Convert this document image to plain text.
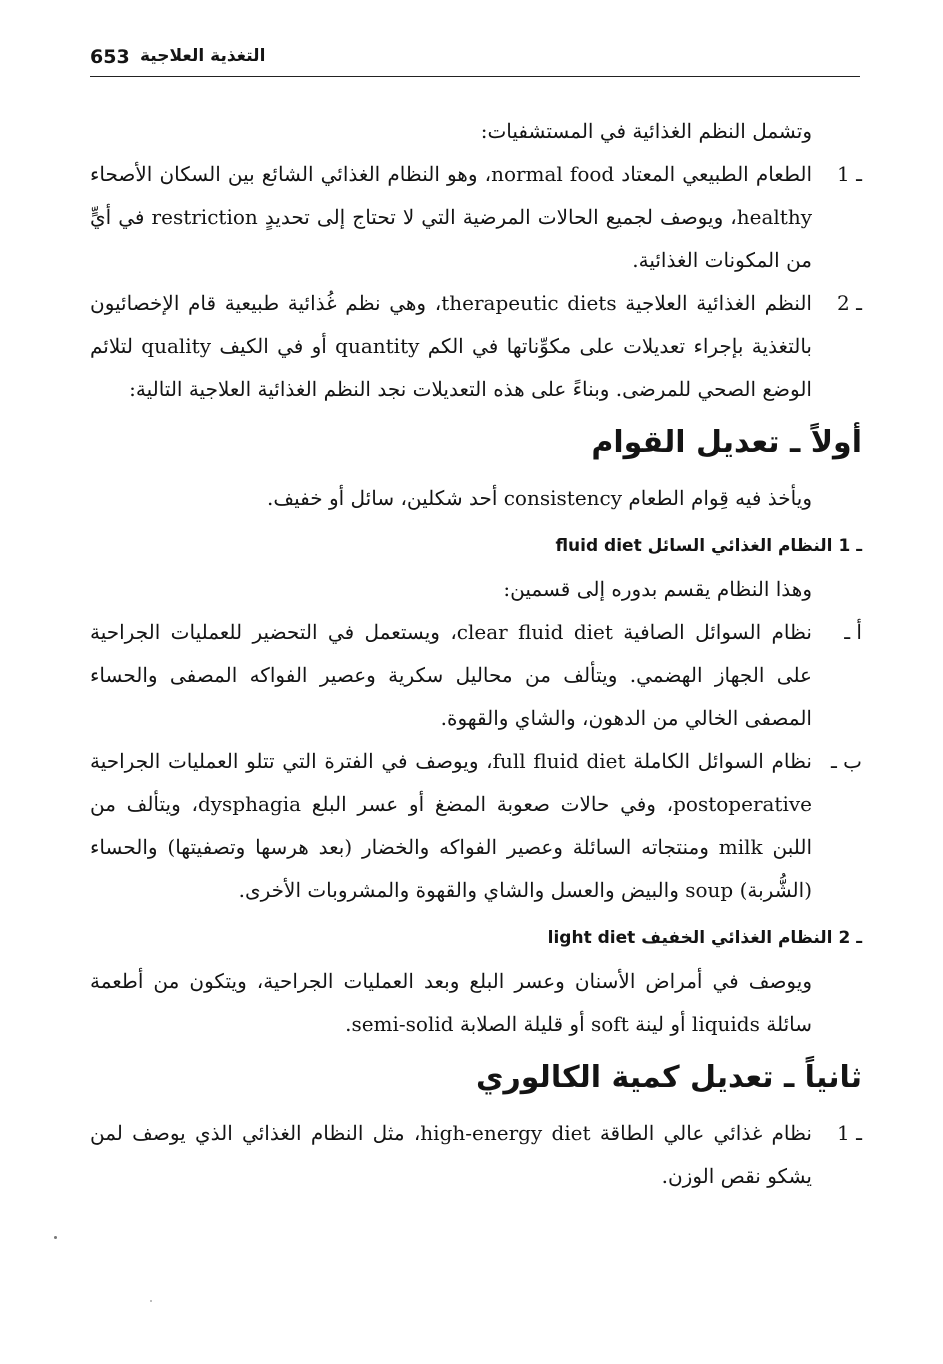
653 التغذية العلاجية

وتشمل النظم الغذائية في المستشفيات:

1 ـ

الطعام الطبيعي المعتاد normal food، وهو النظام الغذائي الشائع بين السكان الأصحاء healthy، ويوصف لجميع الحالات المرضية التي لا تحتاج إلى تحديدٍ restriction في أيٍّ من المكونات الغذائية.

2 ـ

النظم الغذائية العلاجية therapeutic diets، وهي نظم غُذائية طبيعية قام الإخصائيون بالتغذية بإجراء تعديلات على مكوِّناتها في الكم quantity أو في الكيف quality لتلائم الوضع الصحي للمرضى. وبناءً على هذه التعديلات نجد النظم الغذائية العلاجية التالية:

أولاً ـ تعديل القوام

ويأخذ فيه قِوام الطعام consistency أحد شكلين، سائل أو خفيف.

1 ـ النظام الغذائي السائل fluid diet

وهذا النظام يقسم بدوره إلى قسمين:

أ ـ

نظام السوائل الصافية clear fluid diet، ويستعمل في التحضير للعمليات الجراحية على الجهاز الهضمي. ويتألف من محاليل سكرية وعصير الفواكه المصفى والحساء المصفى الخالي من الدهون، والشاي والقهوة.

ب ـ

نظام السوائل الكاملة full fluid diet، ويوصف في الفترة التي تتلو العمليات الجراحية postoperative، وفي حالات صعوبة المضغ أو عسر البلع dysphagia، ويتألف من اللبن milk ومنتجاته السائلة وعصير الفواكه والخضار (بعد هرسها وتصفيتها) والحساء (الشُّربة) soup والبيض والعسل والشاي والقهوة والمشروبات الأخرى.

2 ـ النظام الغذائي الخفيف light diet

ويوصف في أمراض الأسنان وعسر البلع وبعد العمليات الجراحية، ويتكون من أطعمة سائلة liquids أو لينة soft أو قليلة الصلابة semi-solid.

ثانياً ـ تعديل كمية الكالوري

1 ـ

نظام غذائي عالي الطاقة high-energy diet، مثل النظام الغذائي الذي يوصف لمن يشكو نقص الوزن.
